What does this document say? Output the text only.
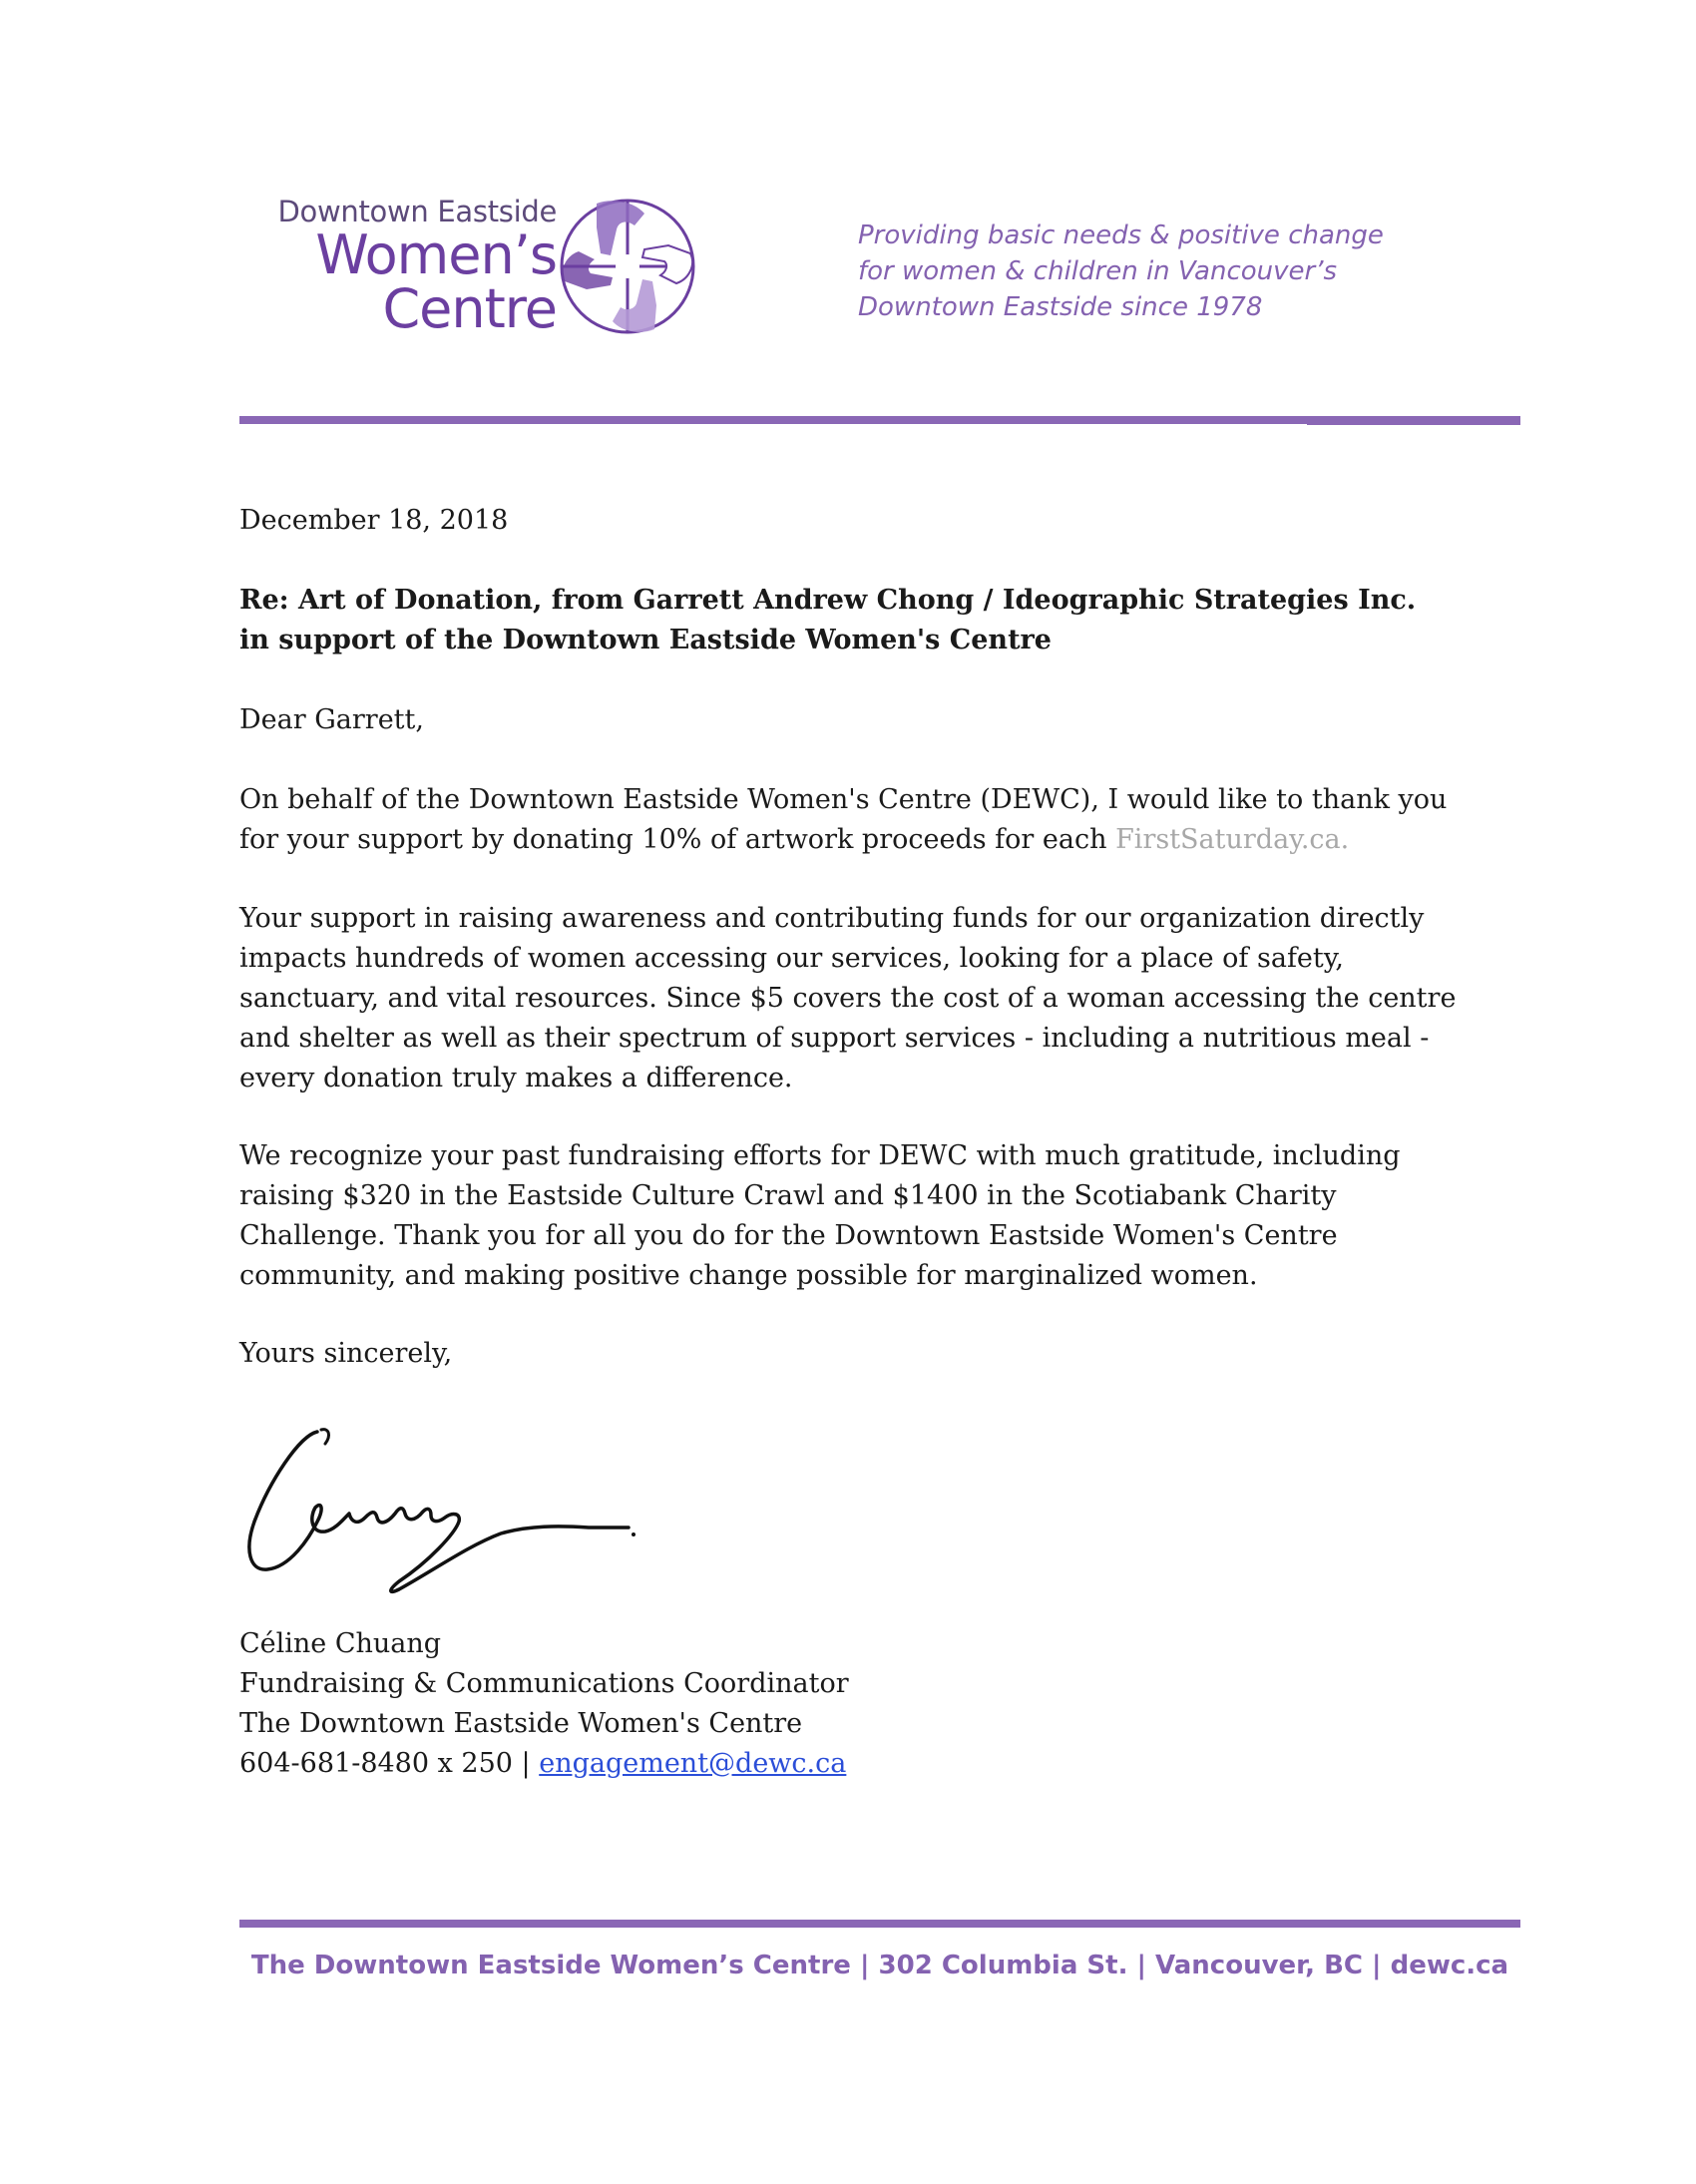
Downtown Eastside
Women’s
Centre
Providing basic needs & positive change
for women & children in Vancouver’s
Downtown Eastside since 1978
December 18, 2018
Re: Art of Donation, from Garrett Andrew Chong / Ideographic Strategies Inc.
in support of the Downtown Eastside Women's Centre
Dear Garrett,
On behalf of the Downtown Eastside Women's Centre (DEWC), I would like to thank you
for your support by donating 10% of artwork proceeds for each FirstSaturday.ca.
Your support in raising awareness and contributing funds for our organization directly
impacts hundreds of women accessing our services, looking for a place of safety,
sanctuary, and vital resources. Since $5 covers the cost of a woman accessing the centre
and shelter as well as their spectrum of support services - including a nutritious meal -
every donation truly makes a difference.
We recognize your past fundraising efforts for DEWC with much gratitude, including
raising $320 in the Eastside Culture Crawl and $1400 in the Scotiabank Charity
Challenge. Thank you for all you do for the Downtown Eastside Women's Centre
community, and making positive change possible for marginalized women.
Yours sincerely,
Céline Chuang
Fundraising & Communications Coordinator
The Downtown Eastside Women's Centre
604-681-8480 x 250 | engagement@dewc.ca
The Downtown Eastside Women’s Centre | 302 Columbia St. | Vancouver, BC | dewc.ca
